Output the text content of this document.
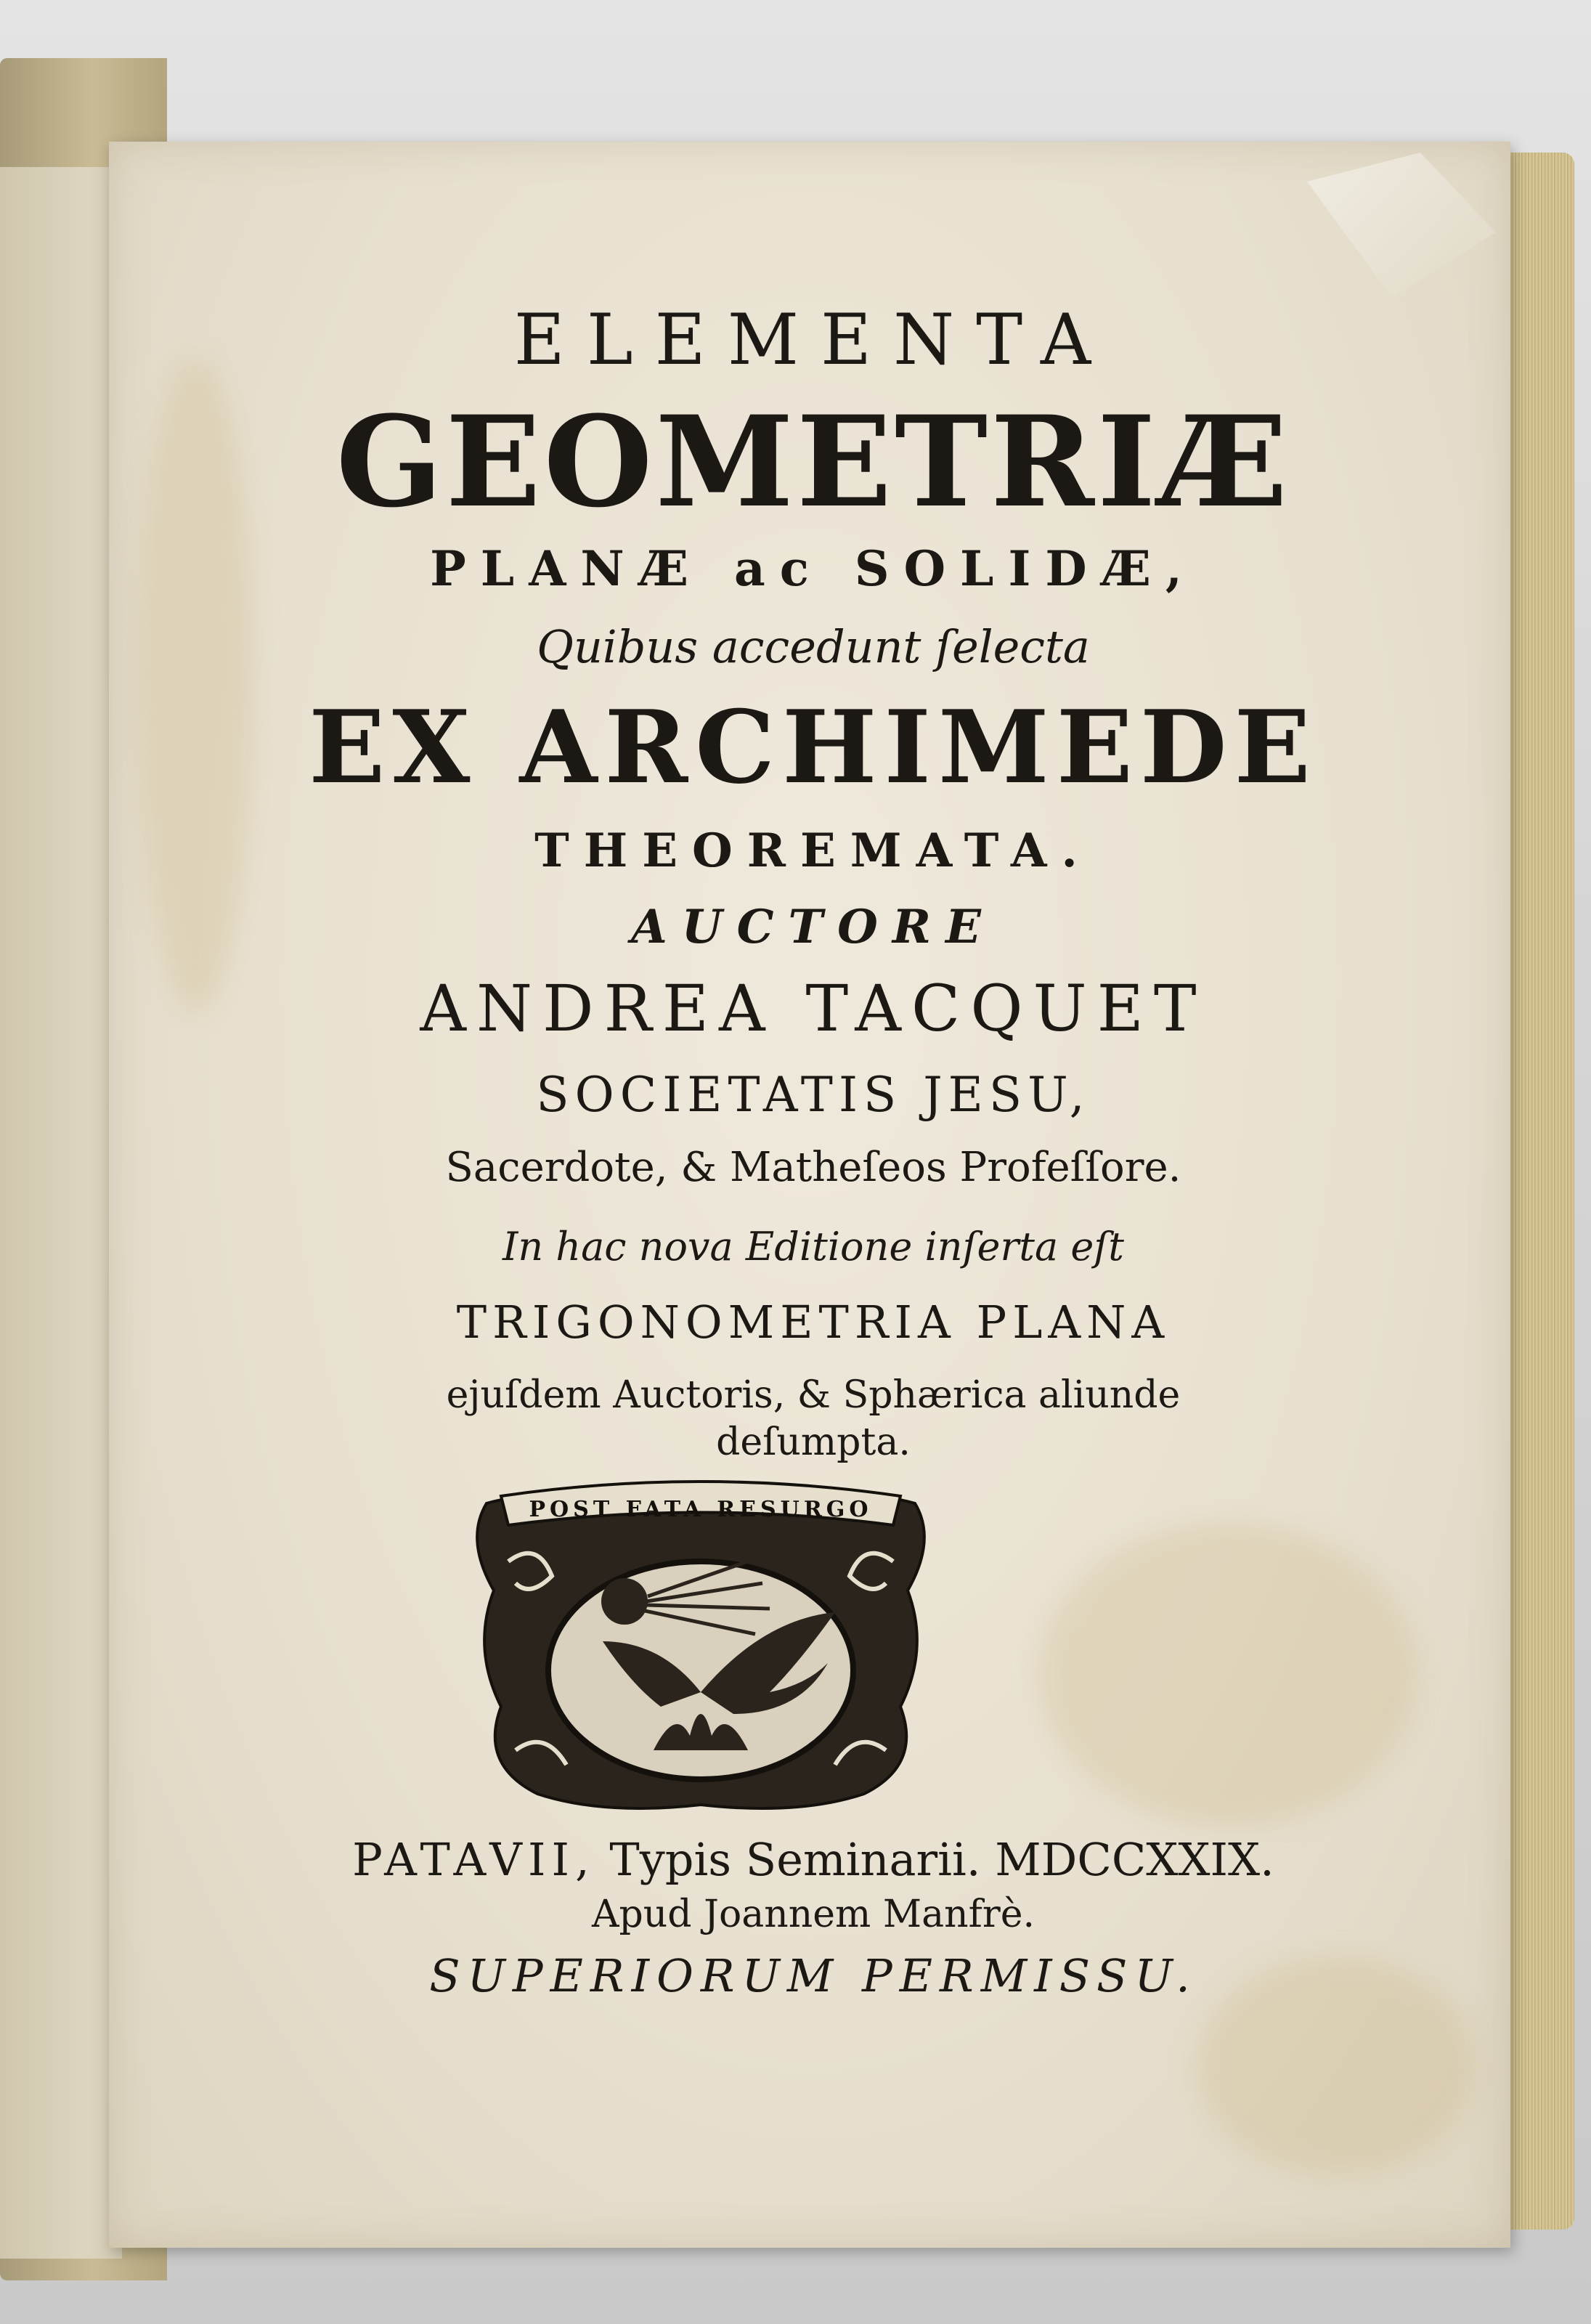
ELEMENTA
GEOMETRIÆ
PLANÆ ac SOLIDÆ,
Quibus accedunt ſelecta
EX ARCHIMEDE
THEOREMATA.
AUCTORE
ANDREA TACQUET
SOCIETATIS JESU,
Sacerdote, & Matheſeos Profeſſore.
In hac nova Editione inſerta eſt
TRIGONOMETRIA PLANA
ejuſdem Auctoris, & Sphærica aliunde
deſumpta.
POST FATA RESURGO
PATAVII, Typis Seminarii. MDCCXXIX.
Apud Joannem Manfrè.
SUPERIORUM PERMISSU.
